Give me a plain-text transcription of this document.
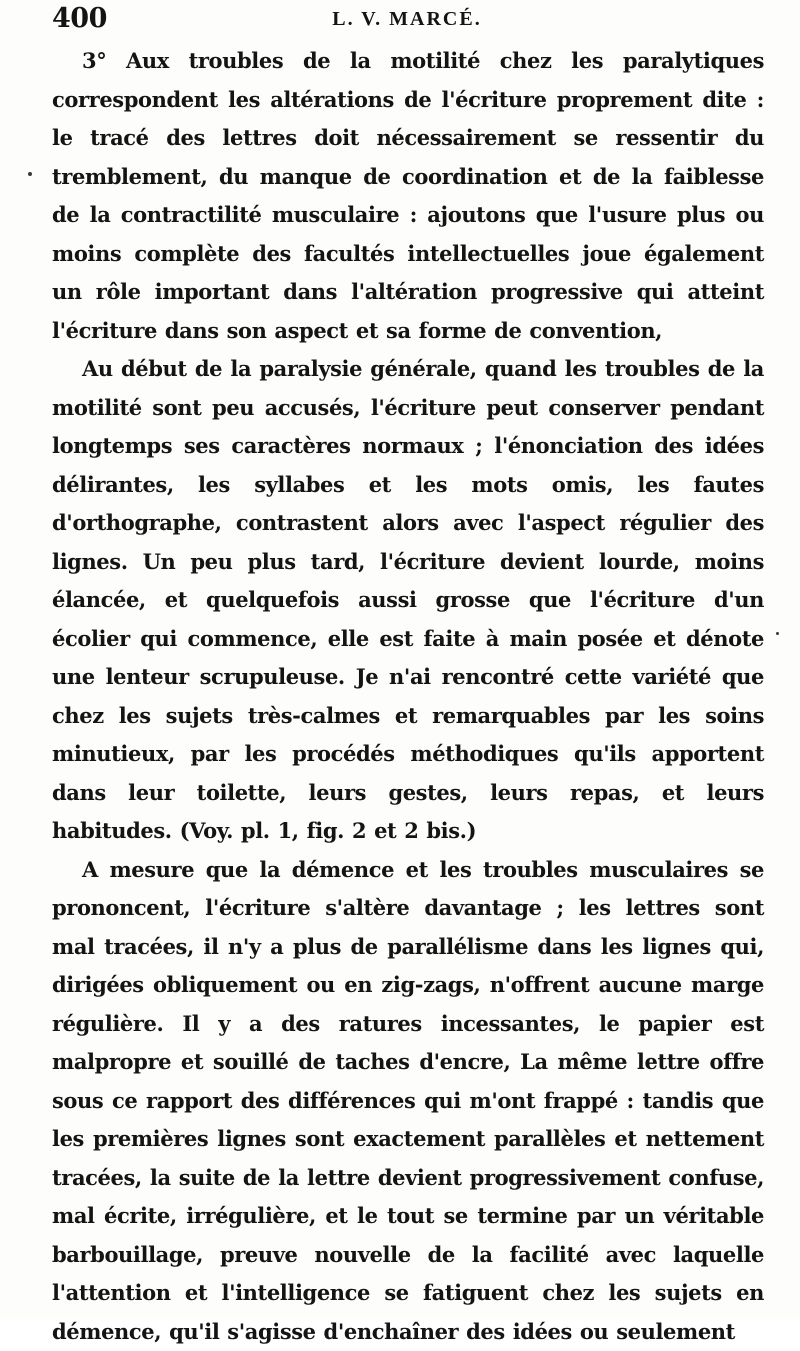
400	L. V. MARCÉ.

3° Aux troubles de la motilité chez les paralytiques correspondent les altérations de l'écriture proprement dite : le tracé des lettres doit nécessairement se ressentir du tremblement, du manque de coordination et de la faiblesse de la contractilité musculaire : ajoutons que l'usure plus ou moins complète des facultés intellectuelles joue également un rôle important dans l'altération progressive qui atteint l'écriture dans son aspect et sa forme de convention,

Au début de la paralysie générale, quand les troubles de la motilité sont peu accusés, l'écriture peut conserver pendant longtemps ses caractères normaux ; l'énonciation des idées délirantes, les syllabes et les mots omis, les fautes d'orthographe, contrastent alors avec l'aspect régulier des lignes. Un peu plus tard, l'écriture devient lourde, moins élancée, et quelquefois aussi grosse que l'écriture d'un écolier qui commence, elle est faite à main posée et dénote une lenteur scrupuleuse. Je n'ai rencontré cette variété que chez les sujets très-calmes et remarquables par les soins minutieux, par les procédés méthodiques qu'ils apportent dans leur toilette, leurs gestes, leurs repas, et leurs habitudes. (Voy. pl. 1, fig. 2 et 2 bis.)

A mesure que la démence et les troubles musculaires se prononcent, l'écriture s'altère davantage ; les lettres sont mal tracées, il n'y a plus de parallélisme dans les lignes qui, dirigées obliquement ou en zig-zags, n'offrent aucune marge régulière. Il y a des ratures incessantes, le papier est malpropre et souillé de taches d'encre, La même lettre offre sous ce rapport des différences qui m'ont frappé : tandis que les premières lignes sont exactement parallèles et nettement tracées, la suite de la lettre devient progressivement confuse, mal écrite, irrégulière, et le tout se termine par un véritable barbouillage, preuve nouvelle de la facilité avec laquelle l'attention et l'intelligence se fatiguent chez les sujets en démence, qu'il s'agisse d'enchaîner des idées ou seulement
